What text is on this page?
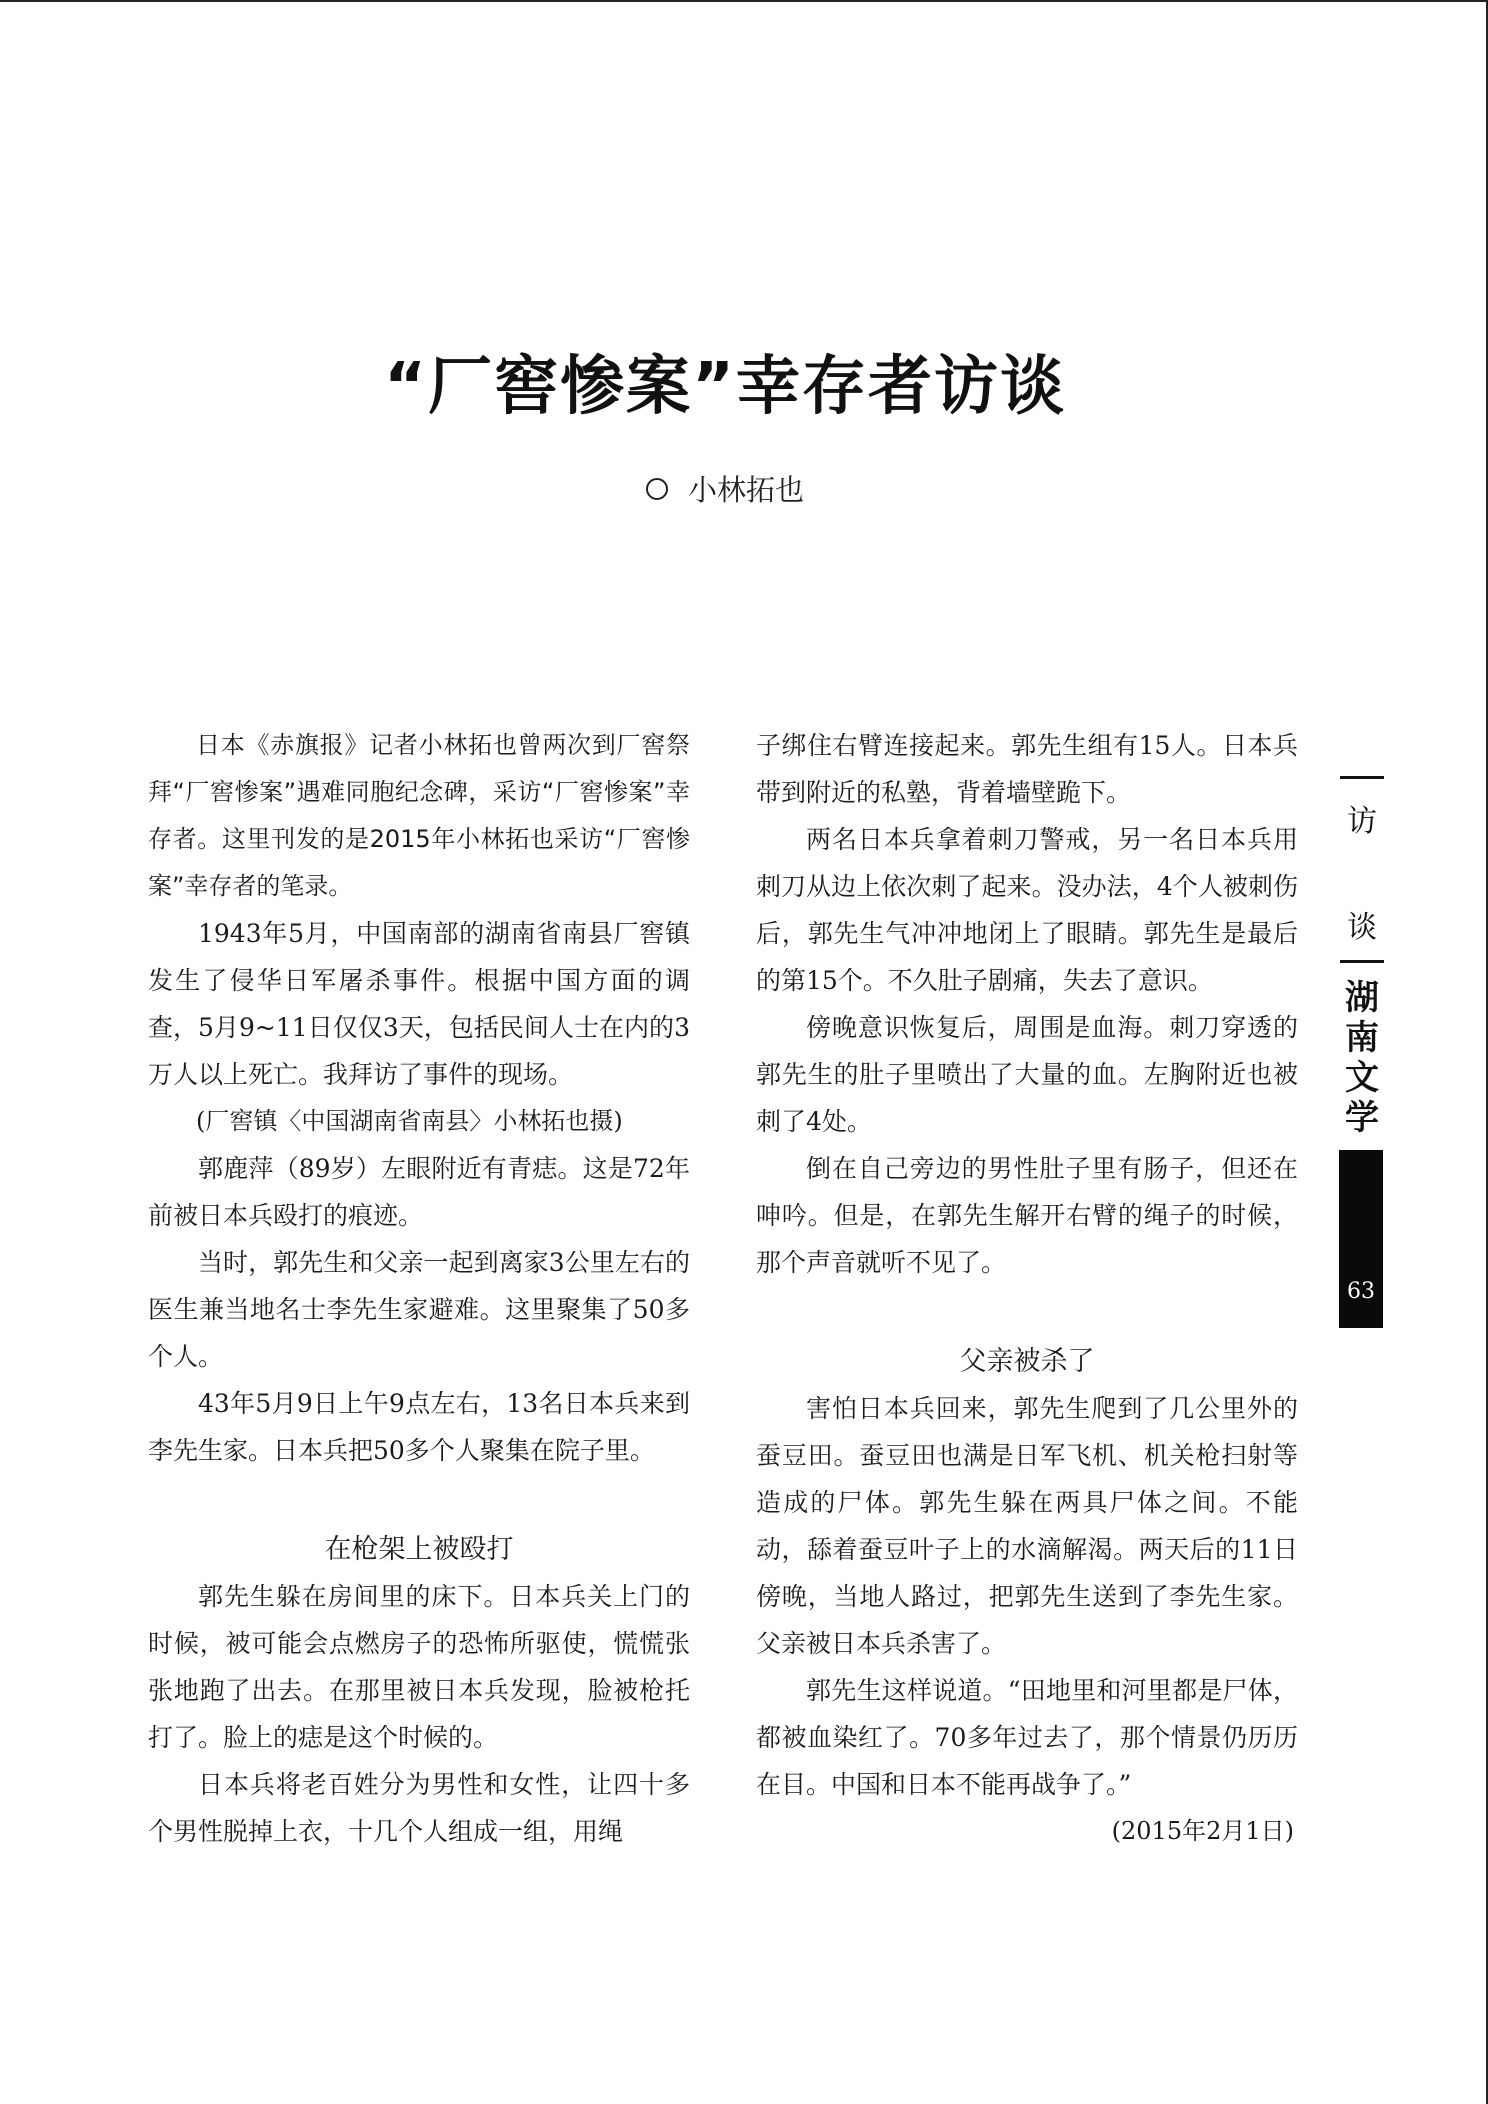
“厂窖惨案”幸存者访谈
小林拓也

日本《赤旗报》记者小林拓也曾两次到厂窖祭拜“厂窖惨案”遇难同胞纪念碑，采访“厂窖惨案”幸存者。这里刊发的是2015年小林拓也采访“厂窖惨案”幸存者的笔录。

1943年5月，中国南部的湖南省南县厂窖镇发生了侵华日军屠杀事件。根据中国方面的调查，5月9~11日仅仅3天，包括民间人士在内的3万人以上死亡。我拜访了事件的现场。

(厂窖镇〈中国湖南省南县〉小林拓也摄)

郭鹿萍（89岁）左眼附近有青痣。这是72年前被日本兵殴打的痕迹。

当时，郭先生和父亲一起到离家3公里左右的医生兼当地名士李先生家避难。这里聚集了50多个人。

43年5月9日上午9点左右，13名日本兵来到李先生家。日本兵把50多个人聚集在院子里。

在枪架上被殴打

郭先生躲在房间里的床下。日本兵关上门的时候，被可能会点燃房子的恐怖所驱使，慌慌张张地跑了出去。在那里被日本兵发现，脸被枪托打了。脸上的痣是这个时候的。

日本兵将老百姓分为男性和女性，让四十多个男性脱掉上衣，十几个人组成一组，用绳

子绑住右臂连接起来。郭先生组有15人。日本兵带到附近的私塾，背着墙壁跪下。

两名日本兵拿着刺刀警戒，另一名日本兵用刺刀从边上依次刺了起来。没办法，4个人被刺伤后，郭先生气冲冲地闭上了眼睛。郭先生是最后的第15个。不久肚子剧痛，失去了意识。

傍晚意识恢复后，周围是血海。刺刀穿透的郭先生的肚子里喷出了大量的血。左胸附近也被刺了4处。

倒在自己旁边的男性肚子里有肠子，但还在呻吟。但是，在郭先生解开右臂的绳子的时候，那个声音就听不见了。

父亲被杀了

害怕日本兵回来，郭先生爬到了几公里外的蚕豆田。蚕豆田也满是日军飞机、机关枪扫射等造成的尸体。郭先生躲在两具尸体之间。不能动，舔着蚕豆叶子上的水滴解渴。两天后的11日傍晚，当地人路过，把郭先生送到了李先生家。父亲被日本兵杀害了。

郭先生这样说道。“田地里和河里都是尸体，都被血染红了。70多年过去了，那个情景仍历历在目。中国和日本不能再战争了。”

(2015年2月1日)

访
谈
湖
南
文
学
63
